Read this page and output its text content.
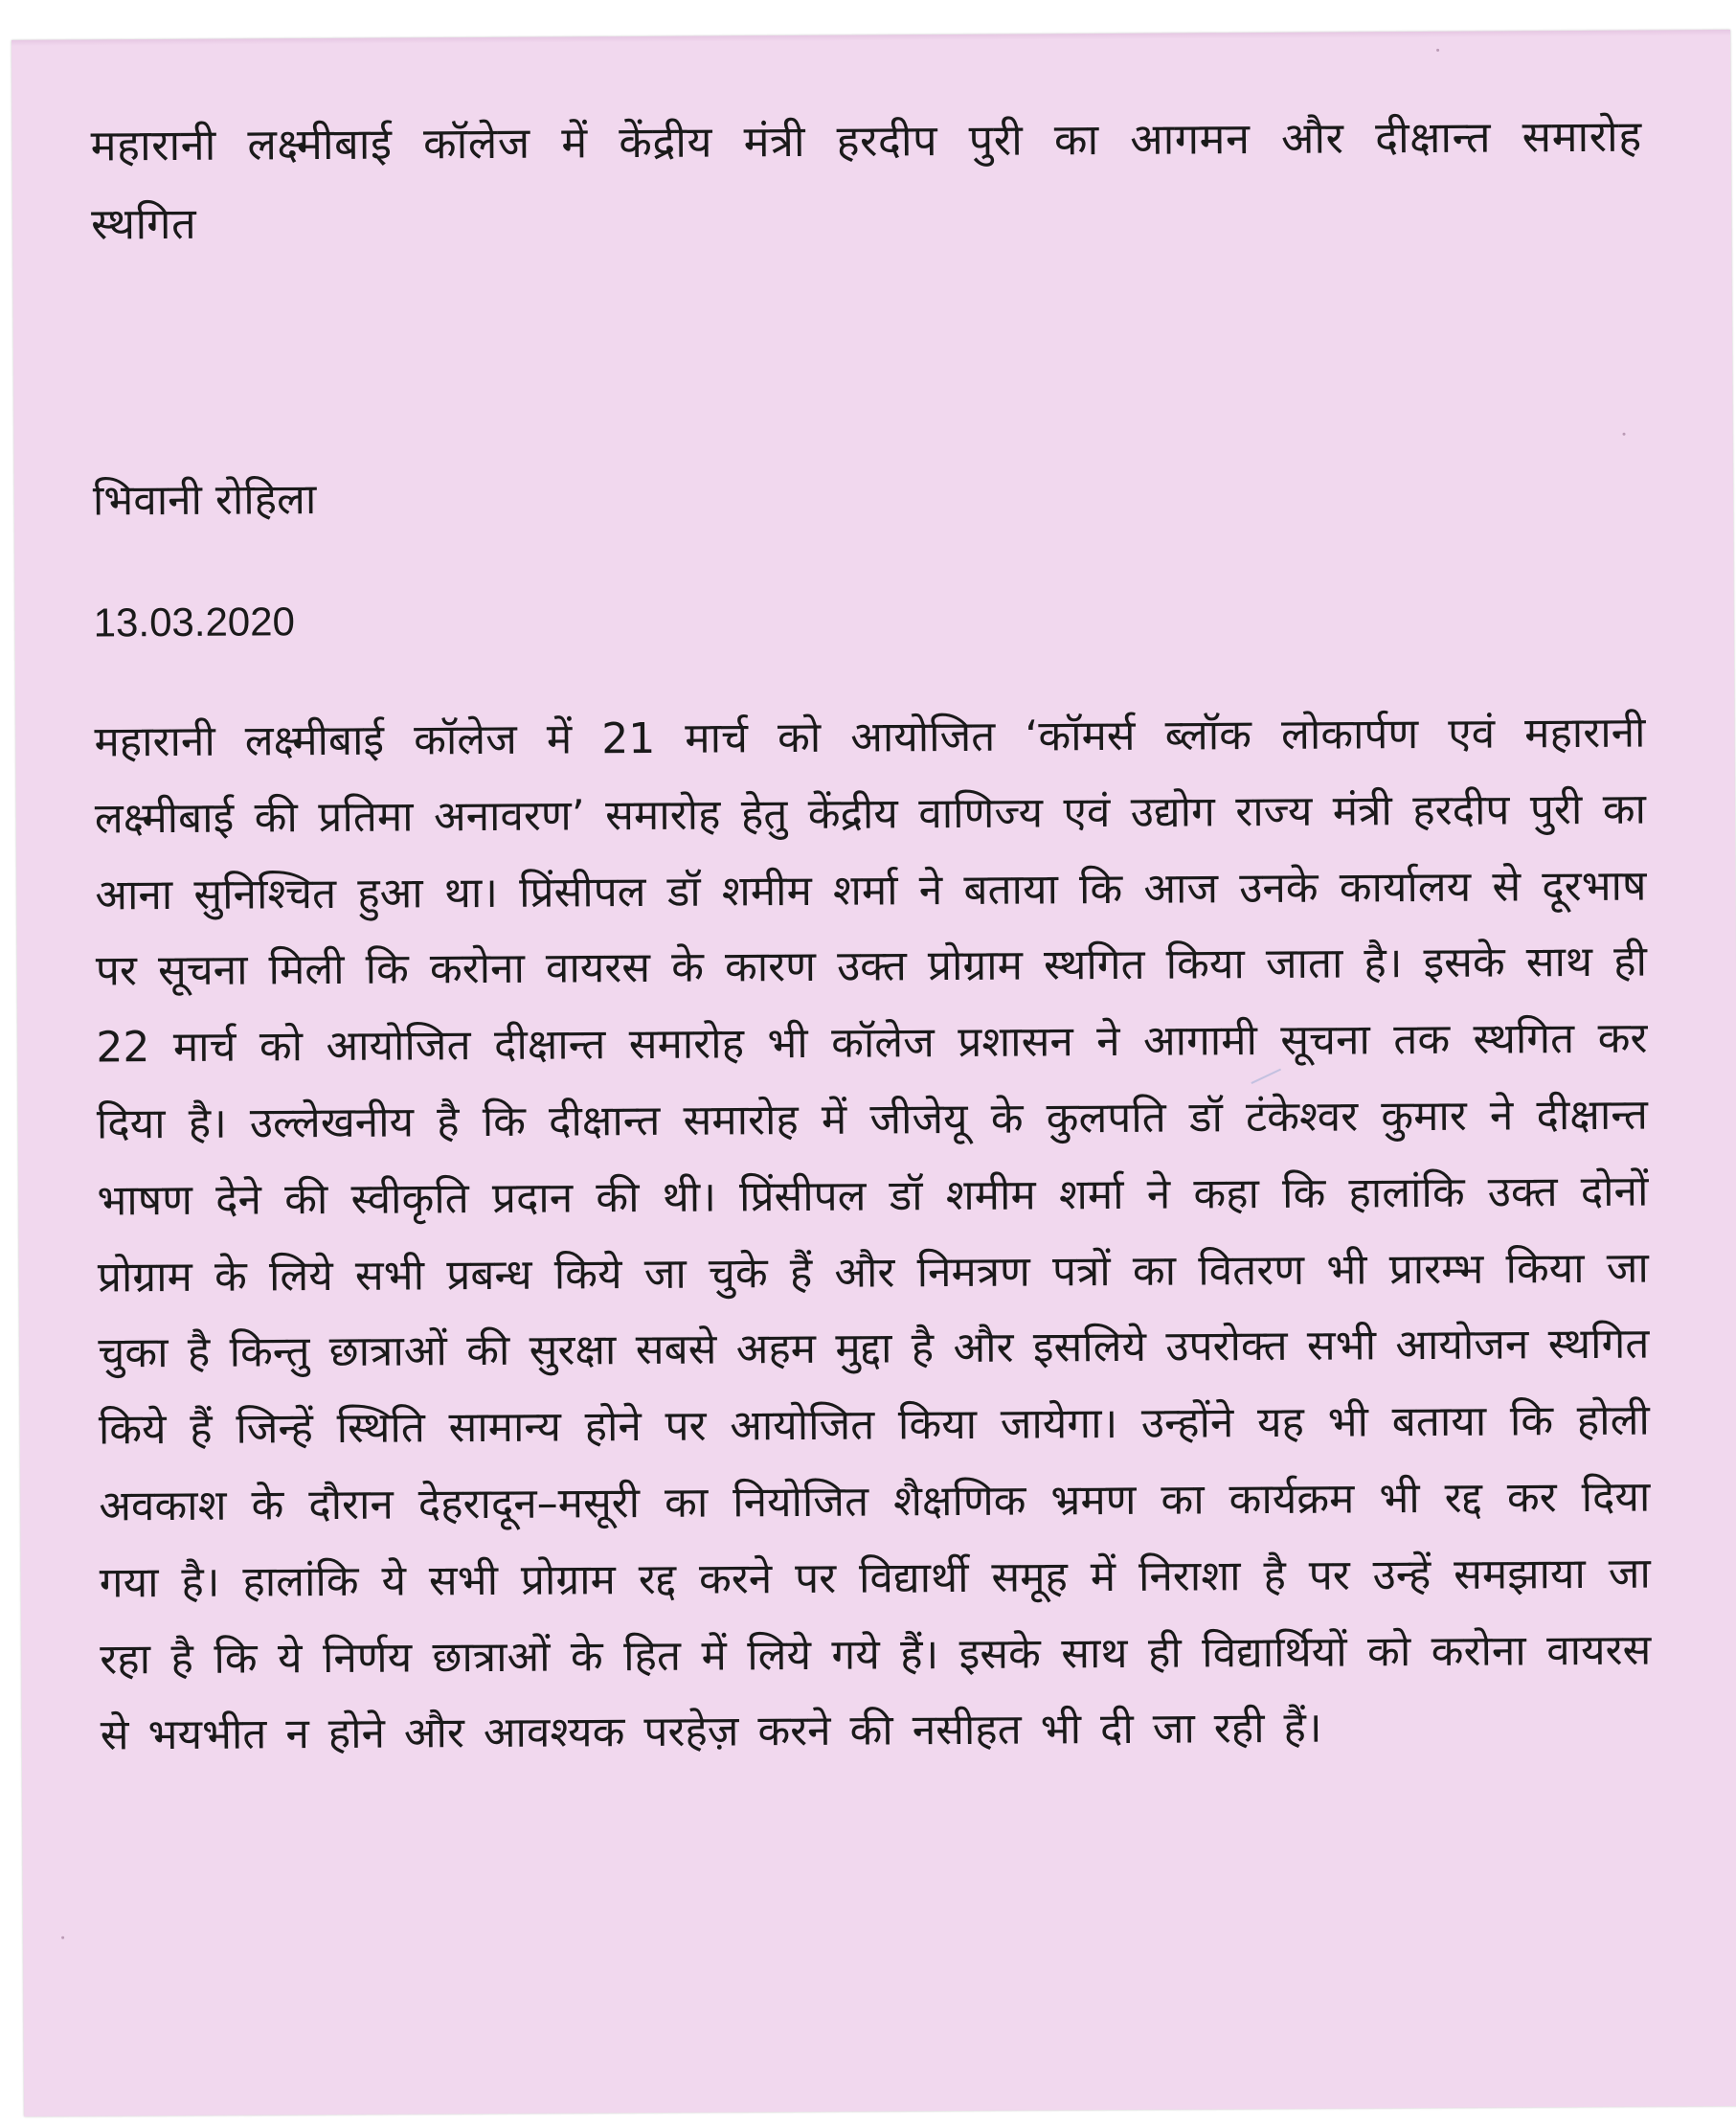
महारानी लक्ष्मीबाई कॉलेज में केंद्रीय मंत्री हरदीप पुरी का आगमन और दीक्षान्त समारोह स्थगित

भिवानी रोहिला

13.03.2020

महारानी लक्ष्मीबाई कॉलेज में 21 मार्च को आयोजित ‘कॉमर्स ब्लॉक लोकार्पण एवं महारानी लक्ष्मीबाई की प्रतिमा अनावरण’ समारोह हेतु केंद्रीय वाणिज्य एवं उद्योग राज्य मंत्री हरदीप पुरी का आना सुनिश्चित हुआ था। प्रिंसीपल डॉ शमीम शर्मा ने बताया कि आज उनके कार्यालय से दूरभाष पर सूचना मिली कि करोना वायरस के कारण उक्त प्रोग्राम स्थगित किया जाता है। इसके साथ ही 22 मार्च को आयोजित दीक्षान्त समारोह भी कॉलेज प्रशासन ने आगामी सूचना तक स्थगित कर दिया है। उल्लेखनीय है कि दीक्षान्त समारोह में जीजेयू के कुलपति डॉ टंकेश्वर कुमार ने दीक्षान्त भाषण देने की स्वीकृति प्रदान की थी। प्रिंसीपल डॉ शमीम शर्मा ने कहा कि हालांकि उक्त दोनों प्रोग्राम के लिये सभी प्रबन्ध किये जा चुके हैं और निमत्रण पत्रों का वितरण भी प्रारम्भ किया जा चुका है किन्तु छात्राओं की सुरक्षा सबसे अहम मुद्दा है और इसलिये उपरोक्त सभी आयोजन स्थगित किये हैं जिन्हें स्थिति सामान्य होने पर आयोजित किया जायेगा। उन्होंने यह भी बताया कि होली अवकाश के दौरान देहरादून–मसूरी का नियोजित शैक्षणिक भ्रमण का कार्यक्रम भी रद्द कर दिया गया है। हालांकि ये सभी प्रोग्राम रद्द करने पर विद्यार्थी समूह में निराशा है पर उन्हें समझाया जा रहा है कि ये निर्णय छात्राओं के हित में लिये गये हैं। इसके साथ ही विद्यार्थियों को करोना वायरस से भयभीत न होने और आवश्यक परहेज़ करने की नसीहत भी दी जा रही हैं।
